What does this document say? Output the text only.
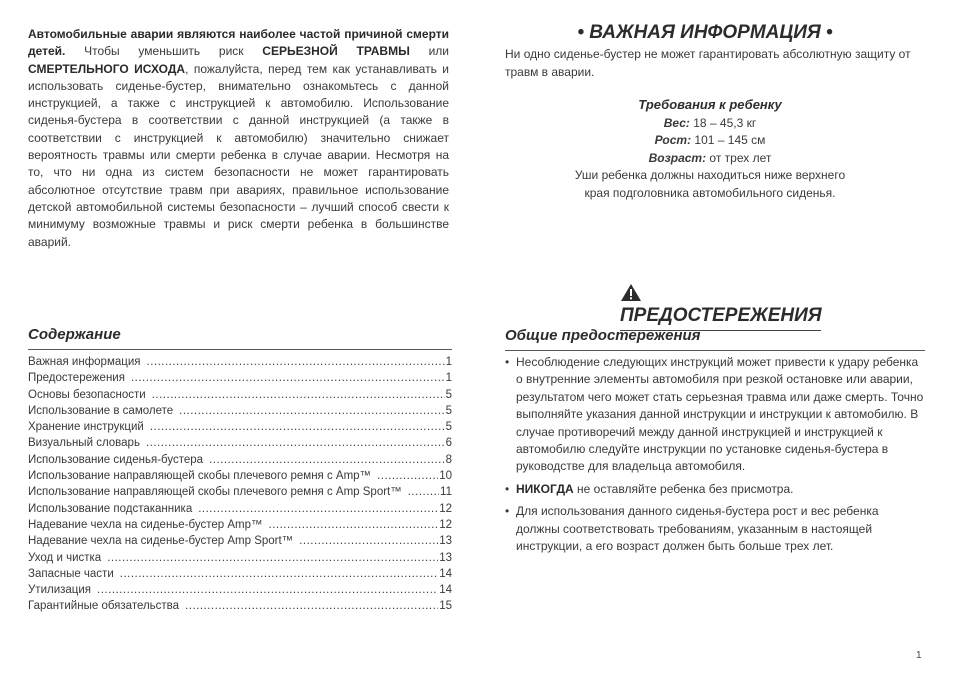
Автомобильные аварии являются наиболее частой причиной смерти детей. Чтобы уменьшить риск СЕРЬЕЗНОЙ ТРАВМЫ или СМЕРТЕЛЬНОГО ИСХОДА, пожалуйста, перед тем как устанавливать и использовать сиденье-бустер, внимательно ознакомьтесь с данной инструкцией, а также с инструкцией к автомобилю. Использование сиденья-бустера в соответствии с данной инструкцией (а также в соответствии с инструкцией к автомобилю) значительно снижает вероятность травмы или смерти ребенка в случае аварии. Несмотря на то, что ни одна из систем безопасности не может гарантировать абсолютное отсутствие травм при авариях, правильное использование детской автомобильной системы безопасности – лучший способ свести к минимуму возможные травмы и риск смерти ребенка в большинстве аварий.
• ВАЖНАЯ ИНФОРМАЦИЯ •
Ни одно сиденье-бустер не может гарантировать абсолютную защиту от травм в аварии.
Требования к ребенку
Вес: 18 – 45,3 кг
Рост: 101 – 145 см
Возраст: от трех лет
Уши ребенка должны находиться ниже верхнего
края подголовника автомобильного сиденья.
ПРЕДОСТЕРЕЖЕНИЯ
Содержание
Важная информация .....	1
Предостережения .....	1
Основы безопасности .....	5
Использование в самолете .....	5
Хранение инструкций .....	5
Визуальный словарь .....	6
Использование сиденья-бустера .....	8
Использование направляющей скобы плечевого ремня с Amp™ .....	10
Использование направляющей скобы плечевого ремня с Amp Sport™ .....	11
Использование подстаканника .....	12
Надевание чехла на сиденье-бустер Amp™ .....	12
Надевание чехла на сиденье-бустер Amp Sport™ .....	13
Уход и чистка .....	13
Запасные части .....	14
Утилизация .....	14
Гарантийные обязательства .....	15
Общие предостережения
• Несоблюдение следующих инструкций может привести к удару ребенка о внутренние элементы автомобиля при резкой остановке или аварии, результатом чего может стать серьезная травма или даже смерть. Точно выполняйте указания данной инструкции и инструкции к автомобилю. В случае противоречий между данной инструкцией и инструкцией к автомобилю следуйте инструкции по установке сиденья-бустера в руководстве для владельца автомобиля.
• НИКОГДА не оставляйте ребенка без присмотра.
• Для использования данного сиденья-бустера рост и вес ребенка должны соответствовать требованиям, указанным в настоящей инструкции, а его возраст должен быть больше трех лет.
1
